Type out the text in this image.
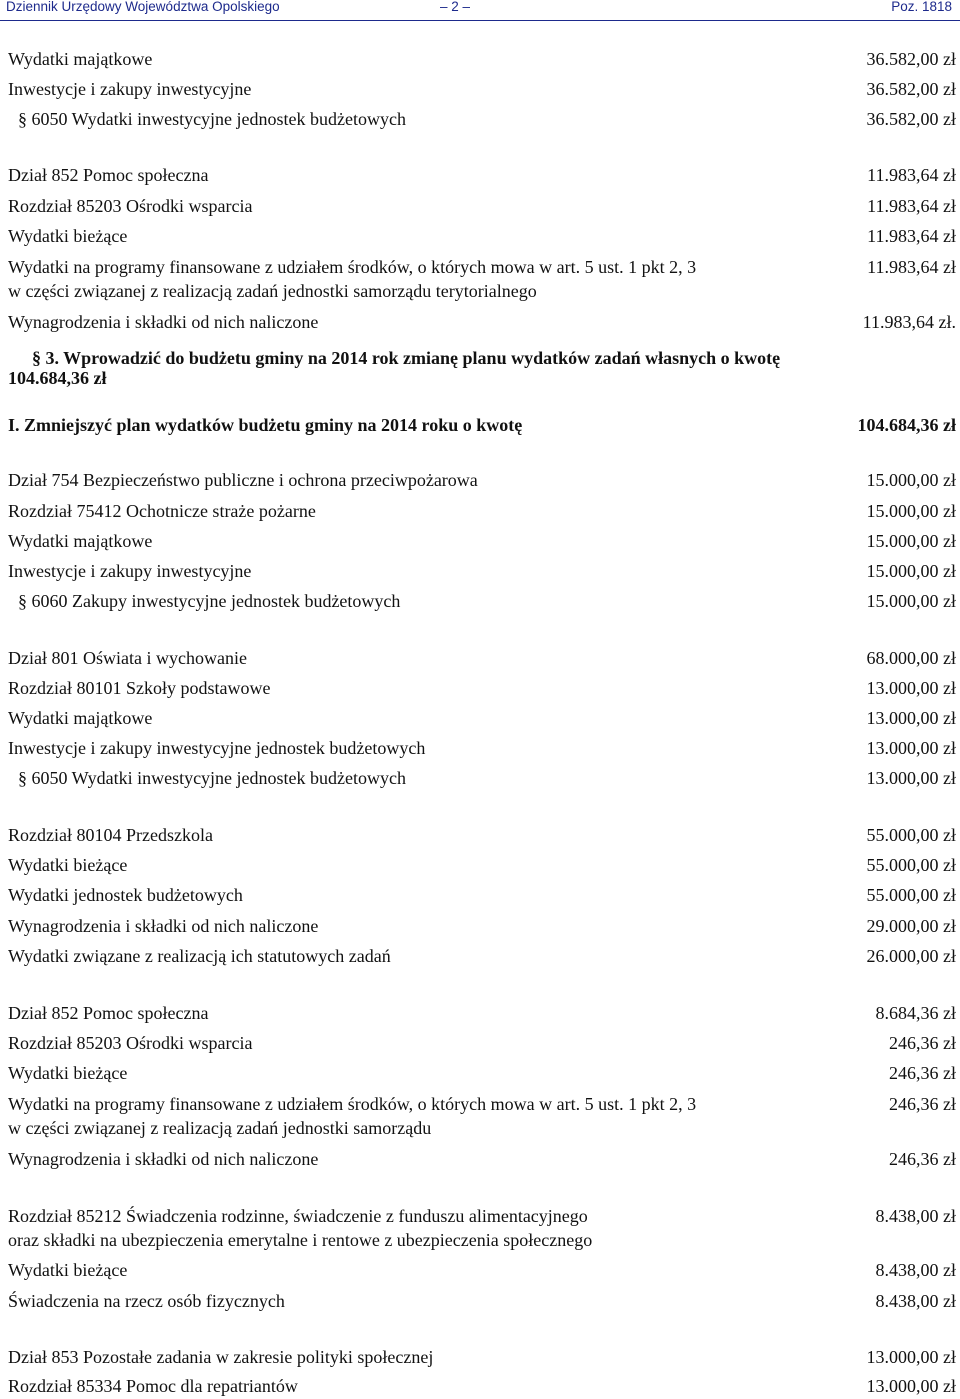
Dziennik Urzędowy Województwa Opolskiego	– 2 –	Poz. 1818
Wydatki majątkowe	36.582,00 zł
Inwestycje i zakupy inwestycyjne	36.582,00 zł
§ 6050 Wydatki inwestycyjne jednostek budżetowych	36.582,00 zł
Dział 852 Pomoc społeczna	11.983,64 zł
Rozdział 85203 Ośrodki wsparcia	11.983,64 zł
Wydatki bieżące	11.983,64 zł
Wydatki na programy finansowane z udziałem środków, o których mowa w art. 5 ust. 1 pkt 2, 3
w części związanej z realizacją zadań jednostki samorządu terytorialnego
11.983,64 zł
Wynagrodzenia i składki od nich naliczone	11.983,64 zł.
§ 3. Wprowadzić do budżetu gminy na 2014 rok zmianę planu wydatków zadań własnych o kwotę
104.684,36 zł
I. Zmniejszyć plan wydatków budżetu gminy na 2014 roku o kwotę	104.684,36 zł
Dział 754 Bezpieczeństwo publiczne i ochrona przeciwpożarowa	15.000,00 zł
Rozdział 75412 Ochotnicze straże pożarne	15.000,00 zł
Wydatki majątkowe	15.000,00 zł
Inwestycje i zakupy inwestycyjne	15.000,00 zł
§ 6060 Zakupy inwestycyjne jednostek budżetowych	15.000,00 zł
Dział 801 Oświata i wychowanie	68.000,00 zł
Rozdział 80101 Szkoły podstawowe	13.000,00 zł
Wydatki majątkowe	13.000,00 zł
Inwestycje i zakupy inwestycyjne jednostek budżetowych	13.000,00 zł
§ 6050 Wydatki inwestycyjne jednostek budżetowych	13.000,00 zł
Rozdział 80104 Przedszkola	55.000,00 zł
Wydatki bieżące	55.000,00 zł
Wydatki jednostek budżetowych	55.000,00 zł
Wynagrodzenia i składki od nich naliczone	29.000,00 zł
Wydatki związane z realizacją ich statutowych zadań	26.000,00 zł
Dział 852 Pomoc społeczna	8.684,36 zł
Rozdział 85203 Ośrodki wsparcia	246,36 zł
Wydatki bieżące	246,36 zł
Wydatki na programy finansowane z udziałem środków, o których mowa w art. 5 ust. 1 pkt 2, 3
w części związanej z realizacją zadań jednostki samorządu
246,36 zł
Wynagrodzenia i składki od nich naliczone	246,36 zł
Rozdział 85212 Świadczenia rodzinne, świadczenie z funduszu alimentacyjnego
oraz składki na ubezpieczenia emerytalne i rentowe z ubezpieczenia społecznego
8.438,00 zł
Wydatki bieżące	8.438,00 zł
Świadczenia na rzecz osób fizycznych	8.438,00 zł
Dział 853 Pozostałe zadania w zakresie polityki społecznej	13.000,00 zł
Rozdział 85334 Pomoc dla repatriantów	13.000,00 zł
